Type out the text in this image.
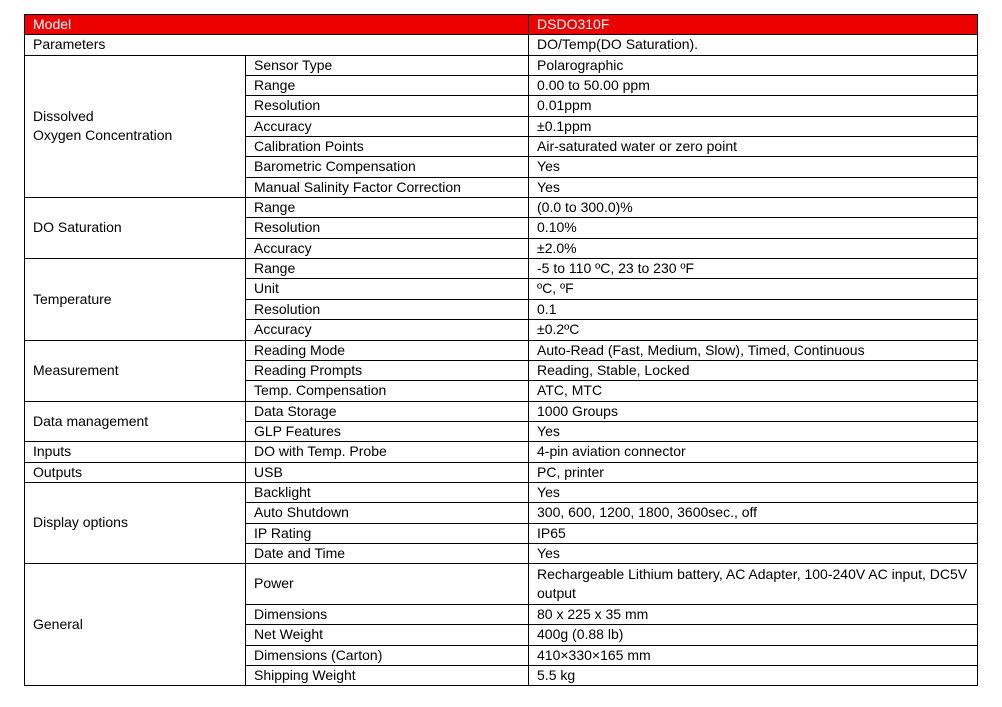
Model		DSDO310F
Parameters		DO/Temp(DO Saturation).

Dissolved
Oxygen Concentration	Sensor Type	Polarographic
	Range	0.00 to 50.00 ppm
	Resolution	0.01ppm
	Accuracy	±0.1ppm
	Calibration Points	Air-saturated water or zero point
	Barometric Compensation	Yes
	Manual Salinity Factor Correction	Yes
DO Saturation	Range	(0.0 to 300.0)%
	Resolution	0.10%
	Accuracy	±2.0%
Temperature	Range	-5 to 110 ºC, 23 to 230 ºF
	Unit	ºC, ºF
	Resolution	0.1
	Accuracy	±0.2ºC
Measurement	Reading Mode	Auto-Read (Fast, Medium, Slow), Timed, Continuous
	Reading Prompts	Reading, Stable, Locked
	Temp. Compensation	ATC, MTC
Data management	Data Storage	1000 Groups
	GLP Features	Yes
Inputs	DO with Temp. Probe	4-pin aviation connector
Outputs	USB	PC, printer
Display options	Backlight	Yes
	Auto Shutdown	300, 600, 1200, 1800, 3600sec., off
	IP Rating	IP65
	Date and Time	Yes
General	Power	Rechargeable Lithium battery, AC Adapter, 100-240V AC input, DC5V output
	Dimensions	80 x 225 x 35 mm
	Net Weight	400g (0.88 lb)
	Dimensions (Carton)	410×330×165 mm
	Shipping Weight	5.5 kg
